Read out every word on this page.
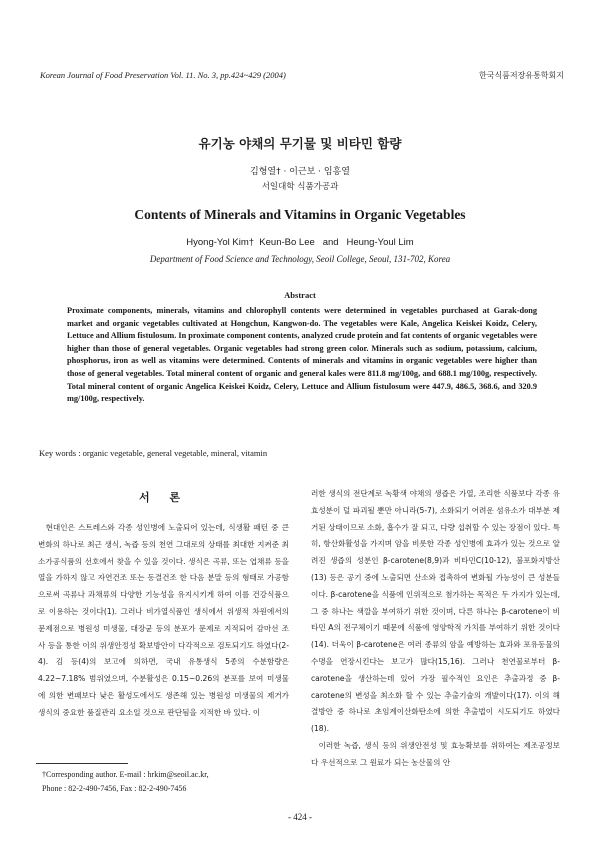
Korean Journal of Food Preservation Vol. 11. No. 3, pp.424~429 (2004)	한국식품저장유통학회지
유기농 야채의 무기물 및 비타민 함량
김형열† · 이근보 · 임흥열
서일대학 식품가공과
Contents of Minerals and Vitamins in Organic Vegetables
Hyong-Yol Kim†  Keun-Bo Lee   and   Heung-Youl Lim
Department of Food Science and Technology, Seoil College, Seoul, 131-702, Korea
Abstract

Proximate components, minerals, vitamins and chlorophyll contents were determined in vegetables purchased at Garak-dong market and organic vegetables cultivated at Hongchun, Kangwon-do. The vegetables were Kale, Angelica Keiskei Koidz, Celery, Lettuce and Allium fistulosum. In proximate component contents, analyzed crude protein and fat contents of organic vegetables were higher than those of general vegetables. Organic vegetables had strong green color. Minerals such as sodium, potassium, calcium, phosphorus, iron as well as vitamins were determined. Contents of minerals and vitamins in organic vegetables were higher than those of general vegetables. Total mineral content of organic and general kales were 811.8 mg/100g, and 688.1 mg/100g, respectively. Total mineral content of organic Angelica Keiskei Koidz, Celery, Lettuce and Allium fistulosum were 447.9, 486.5, 368.6, and 320.9 mg/100g, respectively.

Key words : organic vegetable, general vegetable, mineral, vitamin

서 론

현대인은 스트레스와 각종 성인병에 노출되어 있는데, 식생활 패턴 중 큰 변화의 하나로 최근 생식, 녹즙 등의 천연 그대로의 상태를 최대한 지켜준 최소가공식품의 선호에서 찾을 수 있을 것이다. 생식은 곡류, 또는 엽채류 등을 열을 가하지 않고 자연건조 또는 동결건조 한 다음 분말 등의 형태로 가공함으로써 곡류나 과채류의 다양한 기능성을 유지시키게 하여 이를 건강식품으로 이용하는 것이다(1). 그러나 비가열식품인 생식에서 위생적 차원에서의 문제점으로 병원성 미생물, 대장균 등의 분포가 문제로 지적되어 감마선 조사 등을 통한 이의 위생안정성 확보방안이 다각적으로 검토되기도 하였다(2-4). 김 등(4)의 보고에 의하면, 국내 유통생식 5종의 수분함량은 4.22~7.18% 범위였으며, 수분활성은 0.15~0.26의 분포를 보여 미생물에 의한 변패보다 낮은 활성도에서도 생존해 있는 병원성 미생물의 제거가 생식의 중요한 품질관리 요소일 것으로 판단됨을 지적한 바 있다. 이

러한 생식의 전단계로 녹황색 야채의 생즙은 가열, 조리한 식품보다 각종 유효성분이 덜 파괴될 뿐만 아니라(5-7), 소화되기 어려운 섬유소가 대부분 제거된 상태이므로 소화, 흡수가 잘 되고, 다량 섭취할 수 있는 장점이 있다. 특히, 항산화활성을 가지며 암을 비롯한 각종 성인병에 효과가 있는 것으로 알려진 생즙의 성분인 β-carotene(8,9)과 비타민C(10-12), 불포화지방산(13) 등은 공기 중에 노출되면 산소와 접촉하여 변화될 가능성이 큰 성분들이다. β-carotene을 식품에 인위적으로 첨가하는 목적은 두 가지가 있는데, 그 중 하나는 색깔을 부여하기 위한 것이며, 다른 하나는 β-carotene이 비타민 A의 전구체이기 때문에 식품에 영양학적 가치를 부여하기 위한 것이다(14). 더욱이 β-carotene은 여러 종류의 암을 예방하는 효과와 포유동물의 수명을 연장시킨다는 보고가 많다(15,16). 그러나 천연물로부터 β-carotene을 생산하는데 있어 가장 필수적인 요인은 추출과정 중 β-carotene의 변성을 최소화 할 수 있는 추출기술의 개발이다(17). 이의 해결방안 중 하나로 초임계이산화탄소에 의한 추출법이 시도되기도 하였다(18).

이러한 녹즙, 생식 등의 위생안전성 및 효능확보를 위하여는 제조공정보다 우선적으로 그 원료가 되는 농산물의 안

†Corresponding author. E-mail : hrkim@seoil.ac.kr,
Phone : 82-2-490-7456, Fax : 82-2-490-7456
- 424 -
